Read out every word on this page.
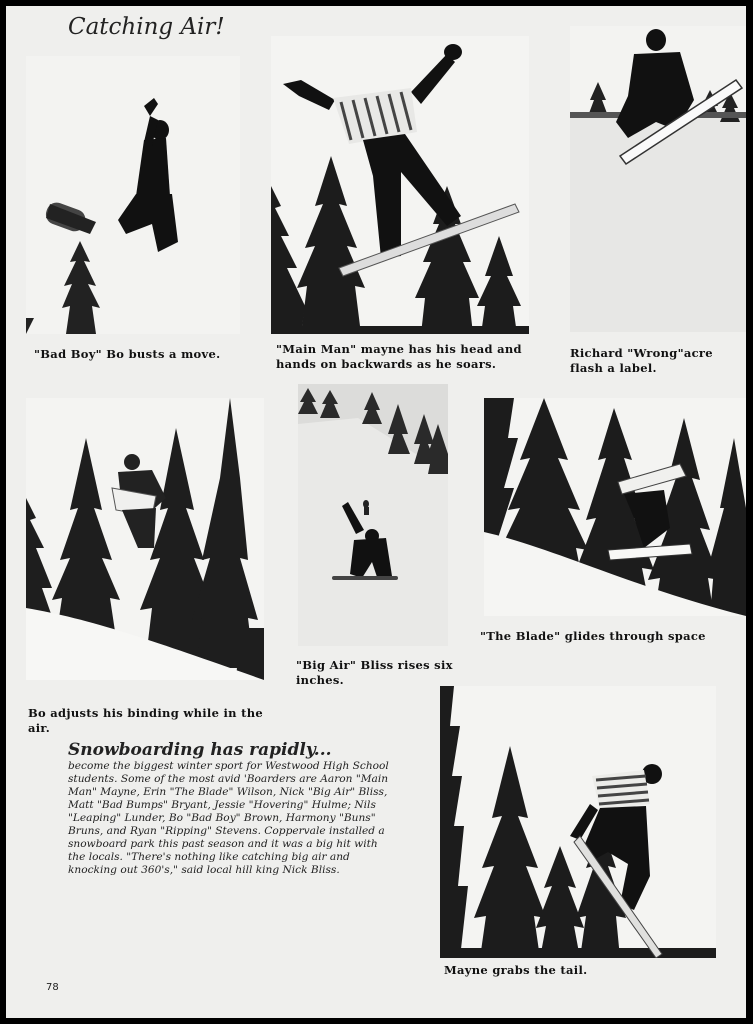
Catching Air!
"Bad Boy" Bo busts a move.	"Main Man" mayne has his head and hands on backwards as he soars.
Richard "Wrong"acre flash a label.
"Big Air" Bliss rises six inches.
"The Blade" glides through space
Bo adjusts his binding while in the air.
Mayne grabs the tail.
Snowboarding has rapidly...
become the biggest winter sport for Westwood High School students. Some of the most avid 'Boarders are Aaron "Main Man" Mayne, Erin "The Blade" Wilson, Nick "Big Air" Bliss, Matt "Bad Bumps" Bryant, Jessie "Hovering" Hulme; Nils "Leaping" Lunder, Bo "Bad Boy" Brown, Harmony "Buns" Bruns, and Ryan "Ripping" Stevens. Coppervale installed a snowboard park this past season and it was a big hit with the locals. "There's nothing like catching big air and knocking out 360's," said local hill king Nick Bliss.
78
